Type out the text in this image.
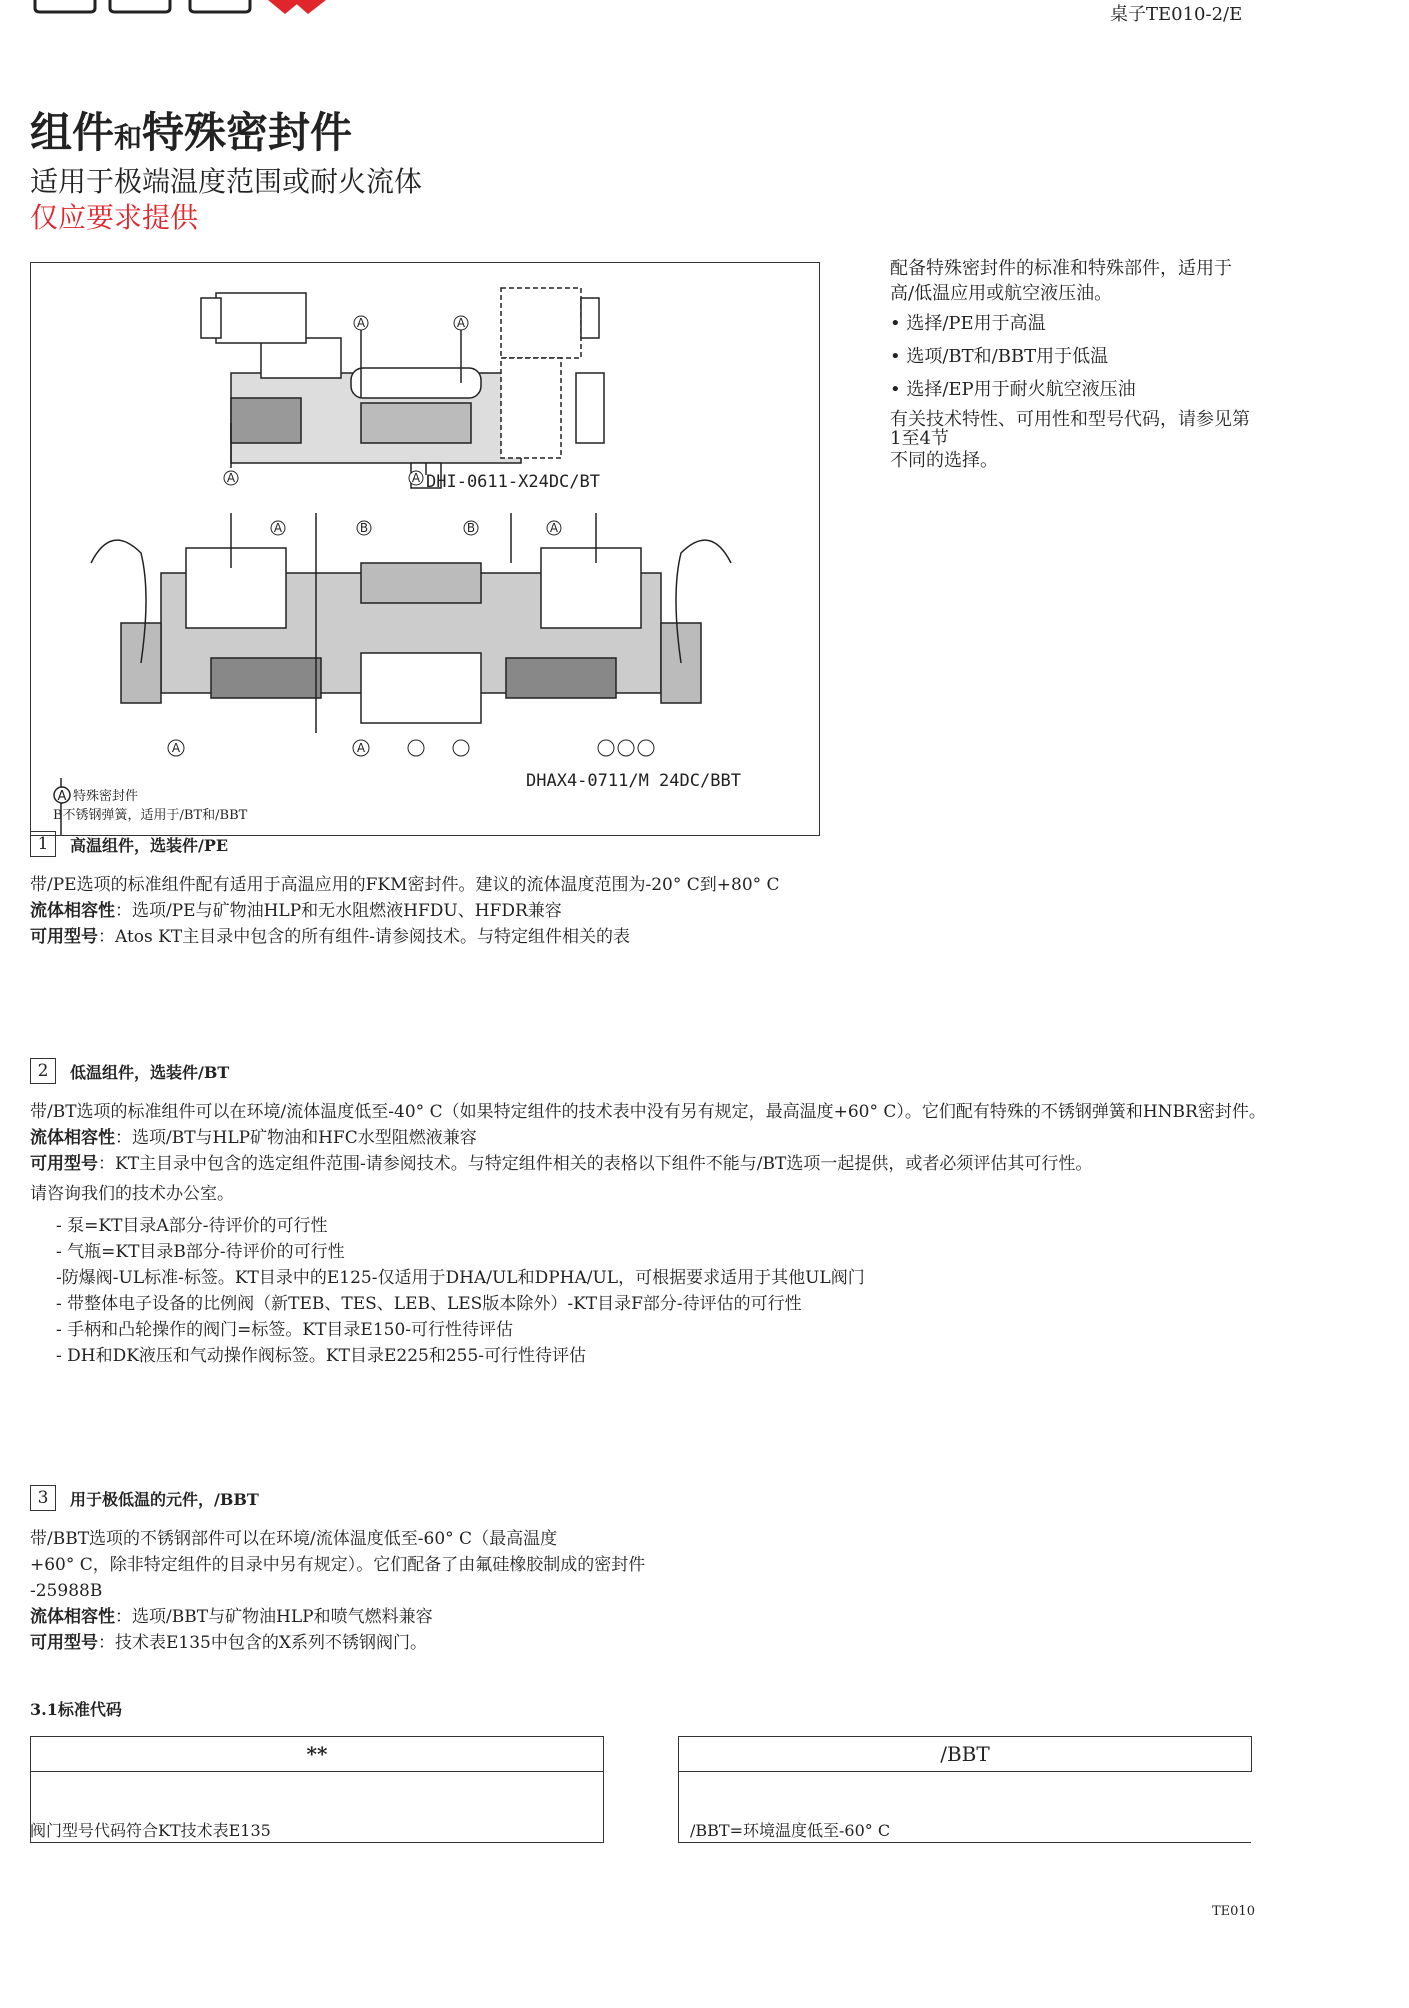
桌子TE010-2/E
组件和特殊密封件
适用于极端温度范围或耐火流体
仅应要求提供
A	A
A	A
A	B	B	A
A	A
DHI-0611-X24DC/BT
DHAX4-0711/M 24DC/BBT
A 特殊密封件
B不锈钢弹簧，适用于/BT和/BBT

配备特殊密封件的标准和特殊部件，适用于高/低温应用或航空液压油。

• 选择/PE用于高温
• 选项/BT和/BBT用于低温
• 选择/EP用于耐火航空液压油

有关技术特性、可用性和型号代码，请参见第1至4节

不同的选择。

1	高温组件，选装件/PE

带/PE选项的标准组件配有适用于高温应用的FKM密封件。建议的流体温度范围为-20° C到+80° C

流体相容性：选项/PE与矿物油HLP和无水阻燃液HFDU、HFDR兼容

可用型号：Atos KT主目录中包含的所有组件-请参阅技术。与特定组件相关的表

2	低温组件，选装件/BT

带/BT选项的标准组件可以在环境/流体温度低至-40° C（如果特定组件的技术表中没有另有规定，最高温度+60° C）。它们配有特殊的不锈钢弹簧和HNBR密封件。

流体相容性：选项/BT与HLP矿物油和HFC水型阻燃液兼容

可用型号：KT主目录中包含的选定组件范围-请参阅技术。与特定组件相关的表格以下组件不能与/BT选项一起提供，或者必须评估其可行性。

请咨询我们的技术办公室。

- 泵=KT目录A部分-待评价的可行性

- 气瓶=KT目录B部分-待评价的可行性

-防爆阀-UL标准-标签。KT目录中的E125-仅适用于DHA/UL和DPHA/UL，可根据要求适用于其他UL阀门

- 带整体电子设备的比例阀（新TEB、TES、LEB、LES版本除外）-KT目录F部分-待评估的可行性

- 手柄和凸轮操作的阀门=标签。KT目录E150-可行性待评估

- DH和DK液压和气动操作阀标签。KT目录E225和255-可行性待评估

3	用于极低温的元件，/BBT

带/BBT选项的不锈钢部件可以在环境/流体温度低至-60° C（最高温度

+60° C，除非特定组件的目录中另有规定）。它们配备了由氟硅橡胶制成的密封件

-25988B

流体相容性：选项/BBT与矿物油HLP和喷气燃料兼容

可用型号：技术表E135中包含的X系列不锈钢阀门。

3.1标准代码
**
阀门型号代码符合KT技术表E135
/BBT
/BBT=环境温度低至-60° C
TE010
